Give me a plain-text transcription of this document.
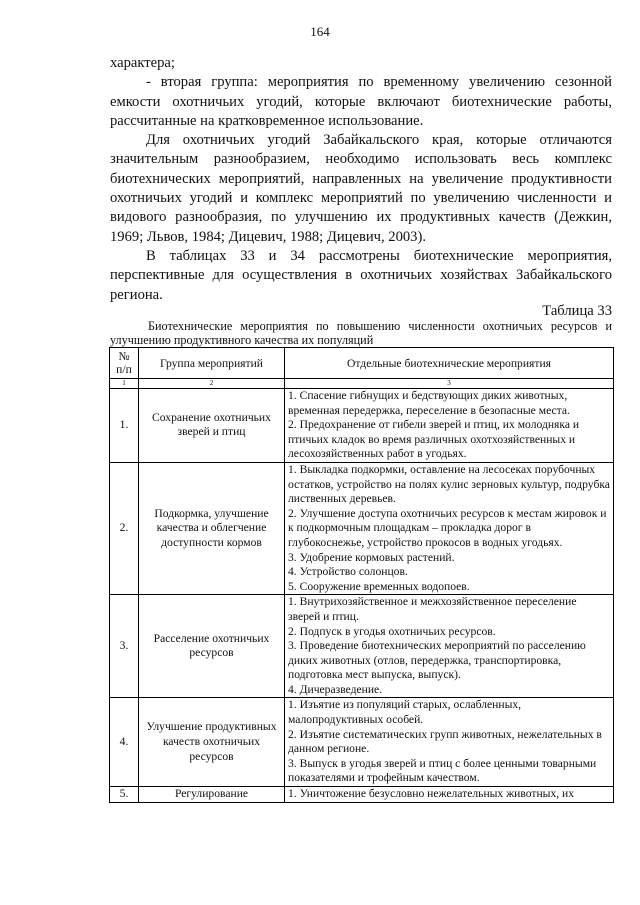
164

характера;

- вторая группа: мероприятия по временному увеличению сезонной емкости охотничьих угодий, которые включают биотехнические работы, рассчитанные на кратковременное использование.

Для охотничьих угодий Забайкальского края, которые отличаются значительным разнообразием, необходимо использовать весь комплекс биотехнических мероприятий, направленных на увеличение продуктивности охотничьих угодий и комплекс мероприятий по увеличению численности и видового разнообразия, по улучшению их продуктивных качеств (Дежкин, 1969; Львов, 1984; Дицевич, 1988; Дицевич, 2003).

В таблицах 33 и 34 рассмотрены биотехнические мероприятия, перспективные для осуществления в охотничьих хозяйствах Забайкальского региона.

Таблица 33
Биотехнические мероприятия по повышению численности охотничьих ресурсов и улучшению продуктивного качества их популяций
№ п/п	Группа мероприятий	Отдельные биотехнические мероприятия
1	2	3
1.	Сохранение охотничьих зверей и птиц	1. Спасение гибнущих и бедствующих диких животных, временная передержка, переселение в безопасные места.
2. Предохранение от гибели зверей и птиц, их молодняка и птичьих кладок во время различных охотхозяйственных и лесохозяйственных работ в угодьях.

2.	Подкормка, улучшение качества и облегчение доступности кормов	1. Выкладка подкормки, оставление на лесосеках порубочных остатков, устройство на полях кулис зерновых культур, подрубка лиственных деревьев.
2. Улучшение доступа охотничьих ресурсов к местам жировок и к подкормочным площадкам – прокладка дорог в глубокоснежье, устройство прокосов в водных угодьях.
3. Удобрение кормовых растений.
4. Устройство солонцов.
5. Сооружение временных водопоев.

3.	Расселение охотничьих ресурсов	1. Внутрихозяйственное и межхозяйственное переселение зверей и птиц.
2. Подпуск в угодья охотничьих ресурсов.
3. Проведение биотехнических мероприятий по расселению диких животных (отлов, передержка, транспортировка, подготовка мест выпуска, выпуск).
4. Дичеразведение.

4.	Улучшение продуктивных качеств охотничьих ресурсов	1. Изъятие из популяций старых, ослабленных, малопродуктивных особей.
2. Изъятие систематических групп животных, нежелательных в данном регионе.
3. Выпуск в угодья зверей и птиц с более ценными товарными показателями и трофейным качеством.

5.	Регулирование	1. Уничтожение безусловно нежелательных животных, их
